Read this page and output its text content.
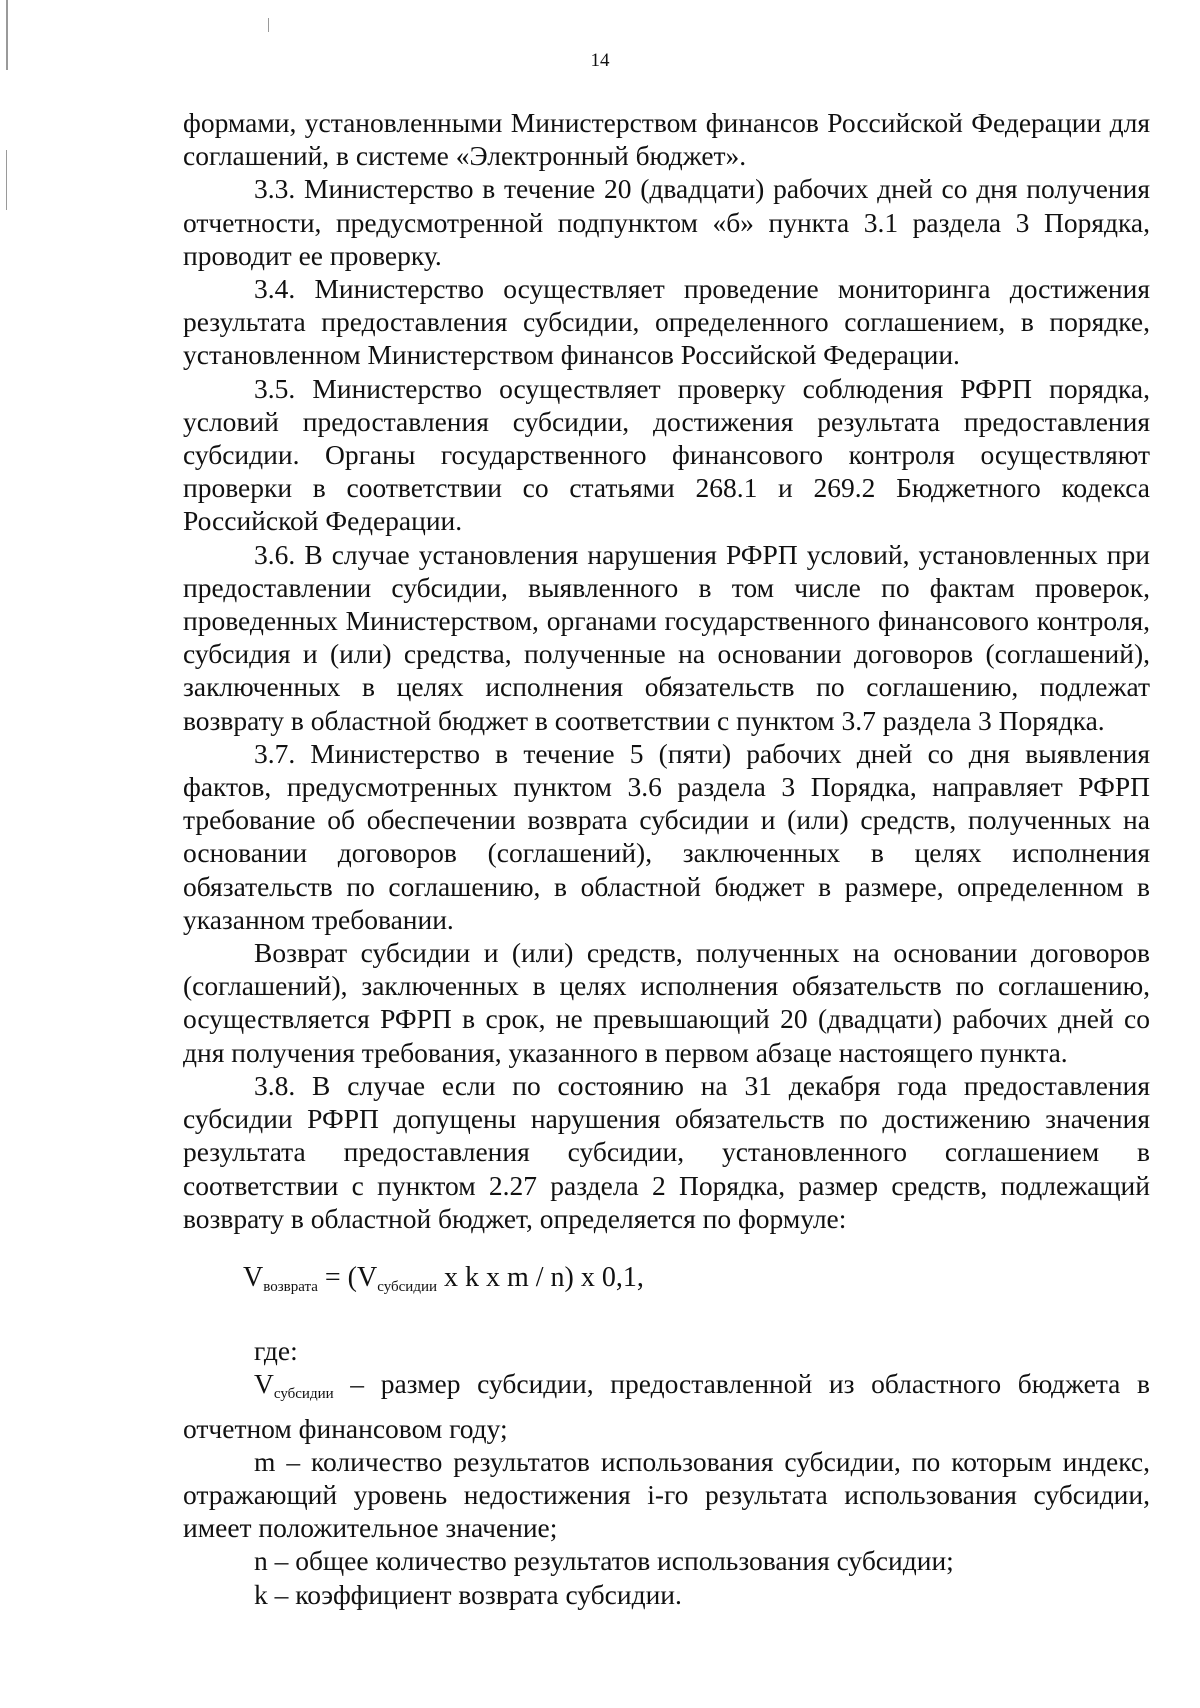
14

формами, установленными Министерством финансов Российской Федерации для соглашений, в системе «Электронный бюджет».

3.3. Министерство в течение 20 (двадцати) рабочих дней со дня получения отчетности, предусмотренной подпунктом «б» пункта 3.1 раздела 3 Порядка, проводит ее проверку.

3.4. Министерство осуществляет проведение мониторинга достижения результата предоставления субсидии, определенного соглашением, в порядке, установленном Министерством финансов Российской Федерации.

3.5. Министерство осуществляет проверку соблюдения РФРП порядка, условий предоставления субсидии, достижения результата предоставления субсидии. Органы государственного финансового контроля осуществляют проверки в соответствии со статьями 268.1 и 269.2 Бюджетного кодекса Российской Федерации.

3.6. В случае установления нарушения РФРП условий, установленных при предоставлении субсидии, выявленного в том числе по фактам проверок, проведенных Министерством, органами государственного финансового контроля, субсидия и (или) средства, полученные на основании договоров (соглашений), заключенных в целях исполнения обязательств по соглашению, подлежат возврату в областной бюджет в соответствии с пунктом 3.7 раздела 3 Порядка.

3.7. Министерство в течение 5 (пяти) рабочих дней со дня выявления фактов, предусмотренных пунктом 3.6 раздела 3 Порядка, направляет РФРП требование об обеспечении возврата субсидии и (или) средств, полученных на основании договоров (соглашений), заключенных в целях исполнения обязательств по соглашению, в областной бюджет в размере, определенном в указанном требовании.

Возврат субсидии и (или) средств, полученных на основании договоров (соглашений), заключенных в целях исполнения обязательств по соглашению, осуществляется РФРП в срок, не превышающий 20 (двадцати) рабочих дней со дня получения требования, указанного в первом абзаце настоящего пункта.

3.8. В случае если по состоянию на 31 декабря года предоставления субсидии РФРП допущены нарушения обязательств по достижению значения результата предоставления субсидии, установленного соглашением в соответствии с пунктом 2.27 раздела 2 Порядка, размер средств, подлежащий возврату в областной бюджет, определяется по формуле:

$V_{возврата} = (V_{субсидии}$ x k x m / n) x 0,1,

где:

$V_{субсидии}$ – размер субсидии, предоставленной из областного бюджета в отчетном финансовом году;

m – количество результатов использования субсидии, по которым индекс, отражающий уровень недостижения i-го результата использования субсидии, имеет положительное значение;

n – общее количество результатов использования субсидии;

k – коэффициент возврата субсидии.
